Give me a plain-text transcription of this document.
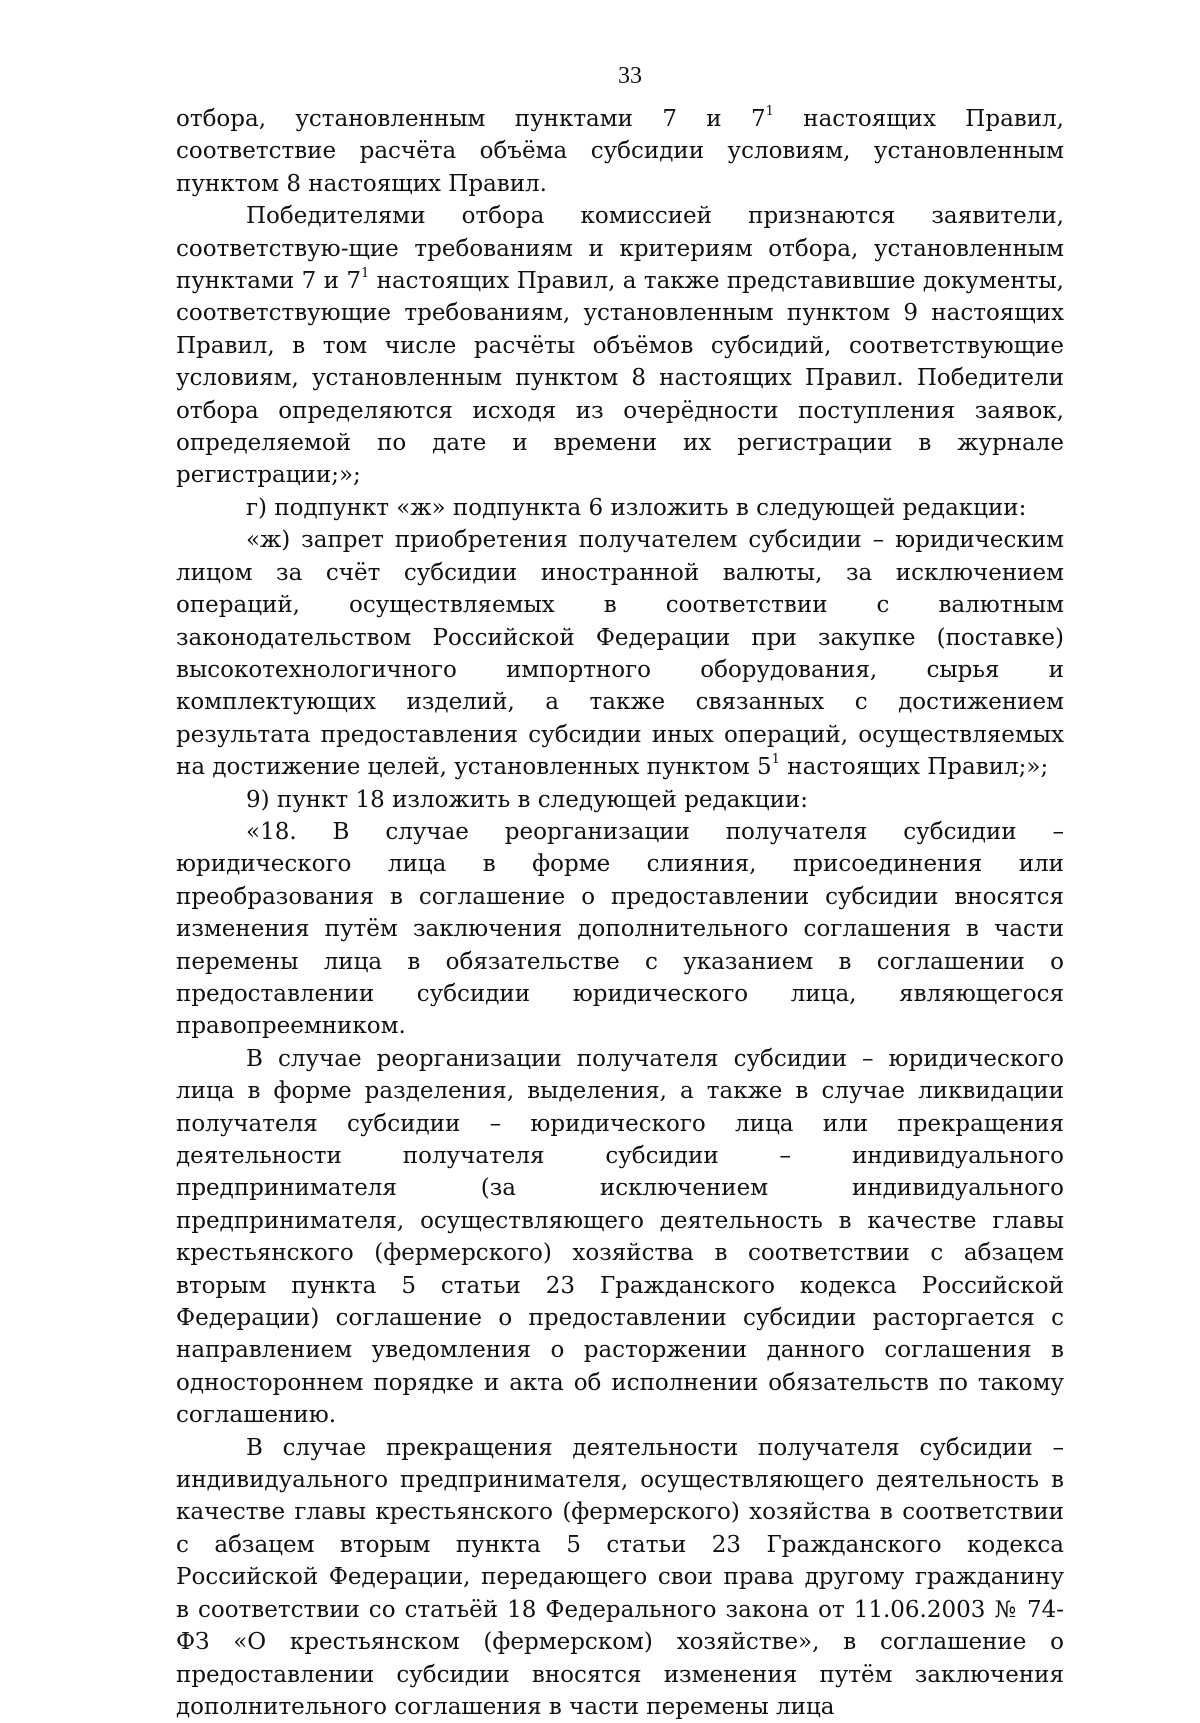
33

отбора, установленным пунктами 7 и $7^1$ настоящих Правил, соответствие расчёта объёма субсидии условиям, установленным пунктом 8 настоящих Правил.

Победителями отбора комиссией признаются заявители, соответствую-щие требованиям и критериям отбора, установленным пунктами 7 и $7^1$ настоящих Правил, а также представившие документы, соответствующие требованиям, установленным пунктом 9 настоящих Правил, в том числе расчёты объёмов субсидий, соответствующие условиям, установленным пунктом 8 настоящих Правил. Победители отбора определяются исходя из очерёдности поступления заявок, определяемой по дате и времени их регистрации в журнале регистрации;»;

г) подпункт «ж» подпункта 6 изложить в следующей редакции:

«ж) запрет приобретения получателем субсидии – юридическим лицом за счёт субсидии иностранной валюты, за исключением операций, осуществляемых в соответствии с валютным законодательством Российской Федерации при закупке (поставке) высокотехнологичного импортного оборудования, сырья и комплектующих изделий, а также связанных с достижением результата предоставления субсидии иных операций, осуществляемых на достижение целей, установленных пунктом $5^1$ настоящих Правил;»;

9) пункт 18 изложить в следующей редакции:

«18. В случае реорганизации получателя субсидии – юридического лица в форме слияния, присоединения или преобразования в соглашение о предоставлении субсидии вносятся изменения путём заключения дополнительного соглашения в части перемены лица в обязательстве с указанием в соглашении о предоставлении субсидии юридического лица, являющегося правопреемником.

В случае реорганизации получателя субсидии – юридического лица в форме разделения, выделения, а также в случае ликвидации получателя субсидии – юридического лица или прекращения деятельности получателя субсидии – индивидуального предпринимателя (за исключением индивидуального предпринимателя, осуществляющего деятельность в качестве главы крестьянского (фермерского) хозяйства в соответствии с абзацем вторым пункта 5 статьи 23 Гражданского кодекса Российской Федерации) соглашение о предоставлении субсидии расторгается с направлением уведомления о расторжении данного соглашения в одностороннем порядке и акта об исполнении обязательств по такому соглашению.

В случае прекращения деятельности получателя субсидии – индивидуального предпринимателя, осуществляющего деятельность в качестве главы крестьянского (фермерского) хозяйства в соответствии с абзацем вторым пункта 5 статьи 23 Гражданского кодекса Российской Федерации, передающего свои права другому гражданину в соответствии со статьёй 18 Федерального закона от 11.06.2003 № 74-ФЗ «О крестьянском (фермерском) хозяйстве», в соглашение о предоставлении субсидии вносятся изменения путём заключения дополнительного соглашения в части перемены лица
